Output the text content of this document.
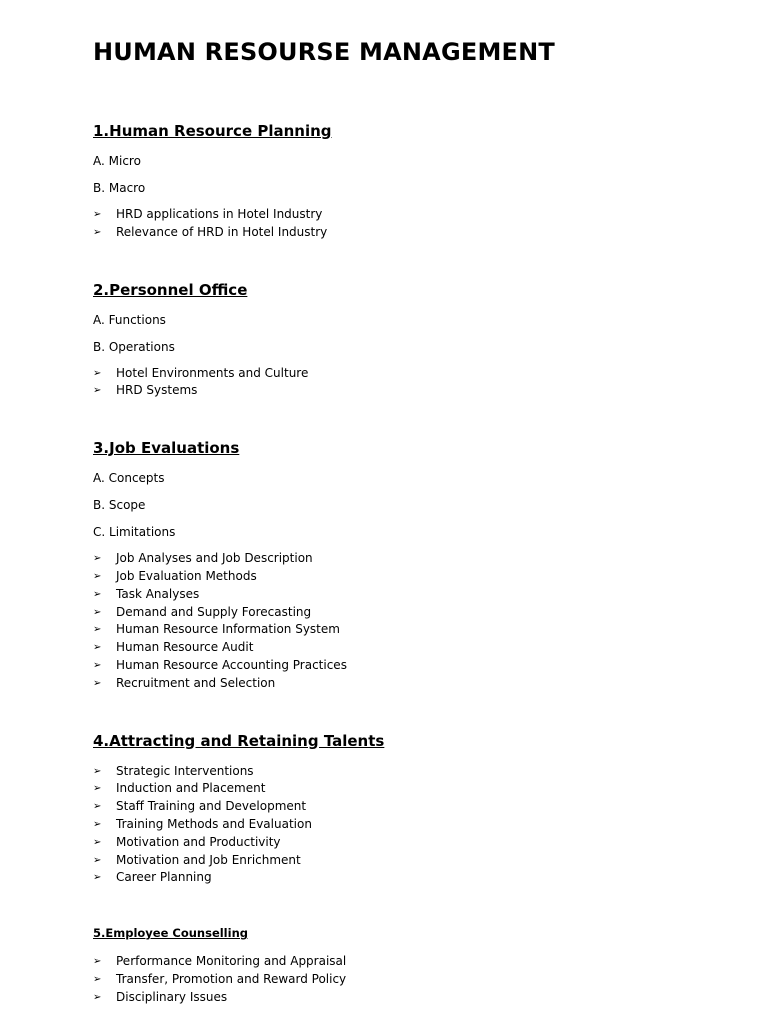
HUMAN RESOURSE MANAGEMENT
1.Human Resource Planning

A. Micro

B. Macro

➢ HRD applications in Hotel Industry
➢ Relevance of HRD in Hotel Industry
2.Personnel Office

A. Functions

B. Operations

➢ Hotel Environments and Culture
➢ HRD Systems
3.Job Evaluations

A. Concepts

B. Scope

C. Limitations

➢ Job Analyses and Job Description
➢ Job Evaluation Methods
➢ Task Analyses
➢ Demand and Supply Forecasting
➢ Human Resource Information System
➢ Human Resource Audit
➢ Human Resource Accounting Practices
➢ Recruitment and Selection
4.Attracting and Retaining Talents
➢ Strategic Interventions
➢ Induction and Placement
➢ Staff Training and Development
➢ Training Methods and Evaluation
➢ Motivation and Productivity
➢ Motivation and Job Enrichment
➢ Career Planning
5.Employee Counselling
➢ Performance Monitoring and Appraisal
➢ Transfer, Promotion and Reward Policy
➢ Disciplinary Issues
